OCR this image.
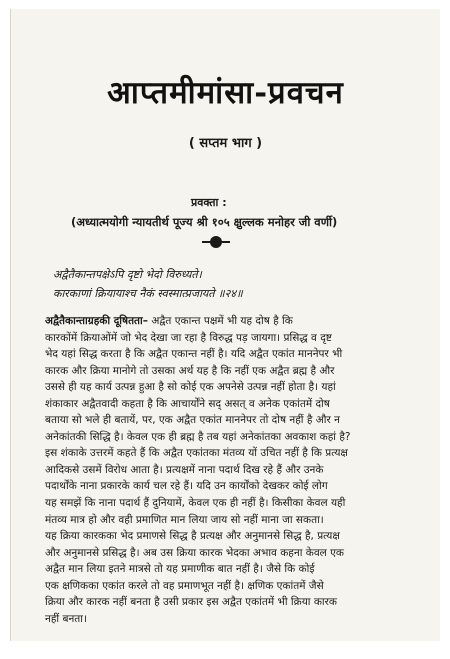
आप्तमीमांसा-प्रवचन
( सप्तम भाग )
प्रवक्ता :
(अध्यात्मयोगी न्यायतीर्थ पूज्य श्री १०५ क्षुल्लक मनोहर जी वर्णी)
अद्वैतैकान्तपक्षेऽपि दृष्टो भेदो विरुध्यते।
कारकाणां क्रियायाश्च नैकं स्वस्मात्प्रजायते ॥२४॥
अद्वैतैकान्ताग्रहकी दूषितता– अद्वैत एकान्त पक्षमें भी यह दोष है कि
कारकोंमें क्रियाओंमें जो भेद देखा जा रहा है विरुद्ध पड़ जायगा। प्रसिद्ध व दृष्ट
भेद यहां सिद्ध करता है कि अद्वैत एकान्त नहीं है। यदि अद्वैत एकांत माननेपर भी
कारक और क्रिया मानोगे तो उसका अर्थ यह है कि नहीं एक अद्वैत ब्रह्म है और
उससे ही यह कार्य उत्पन्न हुआ है सो कोई एक अपनेसे उत्पन्न नहीं होता है। यहां
शंकाकार अद्वैतवादी कहता है कि आचार्योंने सद् असत् व अनेक एकांतमें दोष
बताया सो भले ही बतायें, पर, एक अद्वैत एकांत माननेपर तो दोष नहीं है और न
अनेकांतकी सिद्धि है। केवल एक ही ब्रह्म है तब यहां अनेकांतका अवकाश कहां है?
इस शंकाके उत्तरमें कहते हैं कि अद्वैत एकांतका मंतव्य यों उचित नहीं है कि प्रत्यक्ष
आदिकसे उसमें विरोध आता है। प्रत्यक्षमें नाना पदार्थ दिख रहे हैं और उनके
पदार्थोंके नाना प्रकारके कार्य चल रहे हैं। यदि उन कार्योंको देखकर कोई लोग
यह समझें कि नाना पदार्थ हैं दुनियामें, केवल एक ही नहीं है। किसीका केवल यही
मंतव्य मात्र हो और वही प्रमाणित मान लिया जाय सो नहीं माना जा सकता।
यह क्रिया कारकका भेद प्रमाणसे सिद्ध है प्रत्यक्ष और अनुमानसे सिद्ध है, प्रत्यक्ष
और अनुमानसे प्रसिद्ध है। अब उस क्रिया कारक भेदका अभाव कहना केवल एक
अद्वैत मान लिया इतने मात्रसे तो यह प्रमाणीक बात नहीं है। जैसे कि कोई
एक क्षणिकका एकांत करले तो वह प्रमाणभूत नहीं है। क्षणिक एकांतमें जैसे
क्रिया और कारक नहीं बनता है उसी प्रकार इस अद्वैत एकांतमें भी क्रिया कारक
नहीं बनता।
